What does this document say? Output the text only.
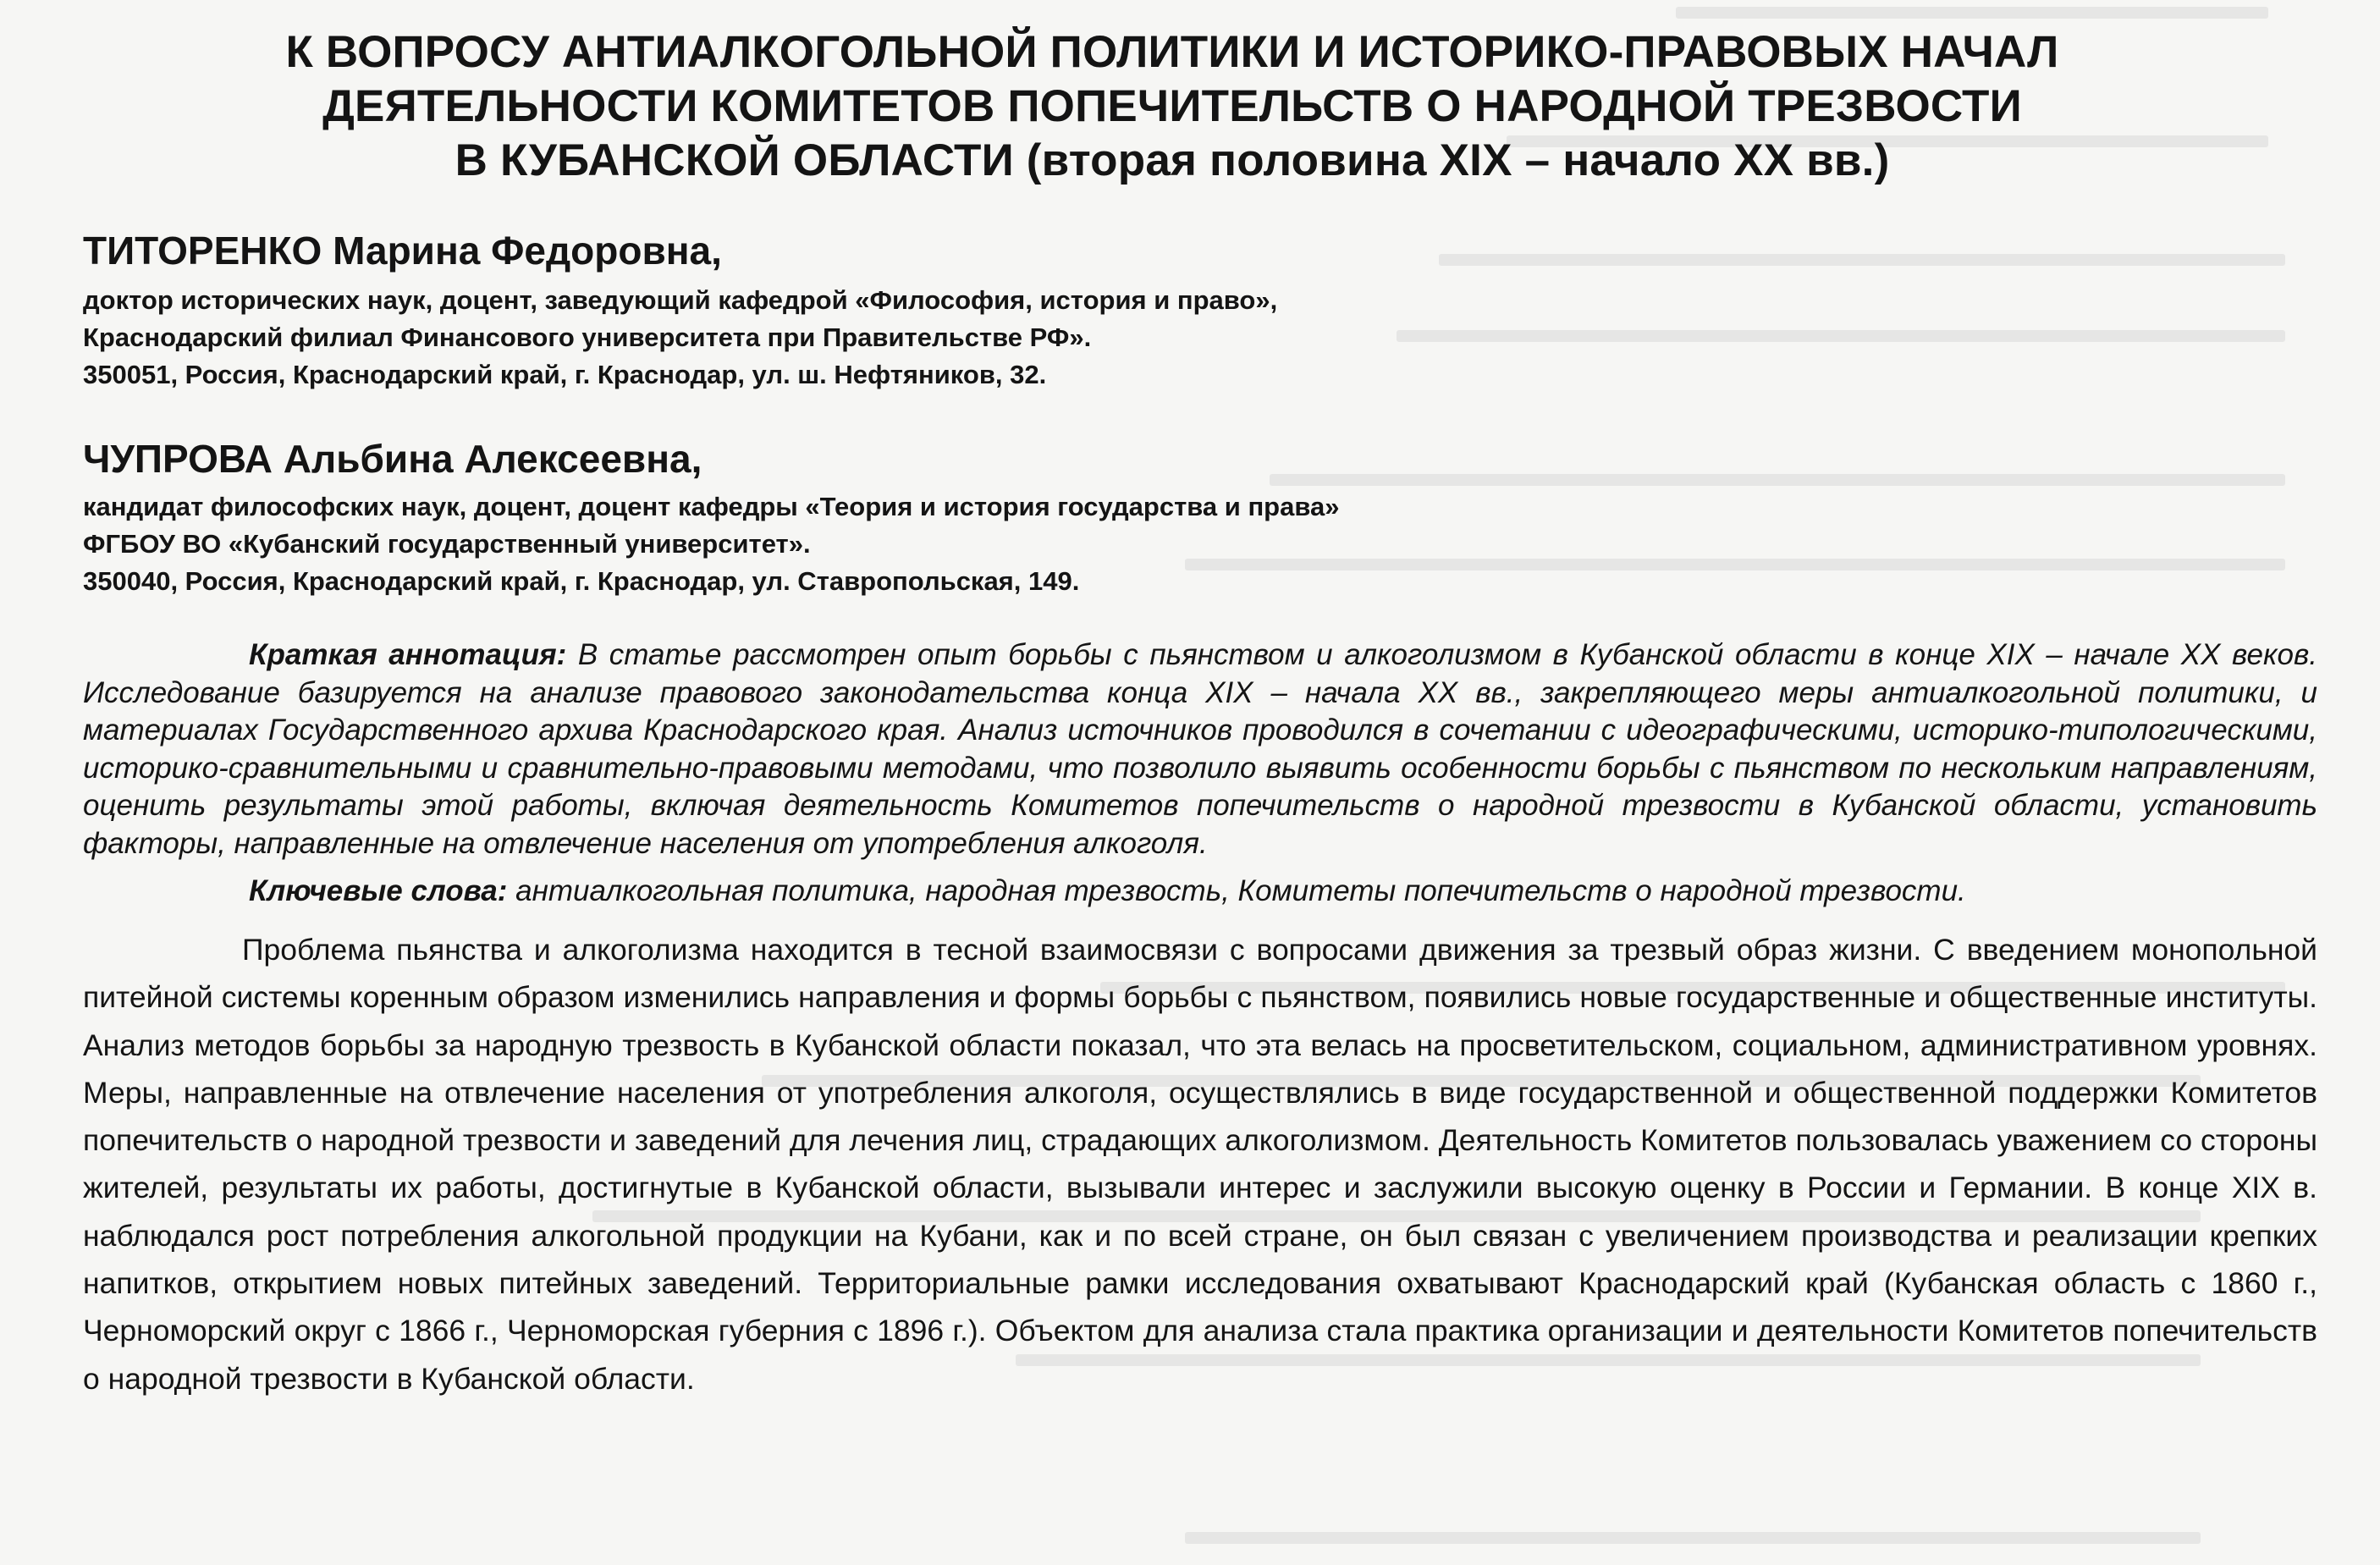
К ВОПРОСУ АНТИАЛКОГОЛЬНОЙ ПОЛИТИКИ И ИСТОРИКО-ПРАВОВЫХ НАЧАЛ
ДЕЯТЕЛЬНОСТИ КОМИТЕТОВ ПОПЕЧИТЕЛЬСТВ О НАРОДНОЙ ТРЕЗВОСТИ
В КУБАНСКОЙ ОБЛАСТИ (вторая половина XIX – начало XX вв.)
ТИТОРЕНКО Марина Федоровна,
доктор исторических наук, доцент, заведующий кафедрой «Философия, история и право»,
Краснодарский филиал Финансового университета при Правительстве РФ».
350051, Россия, Краснодарский край, г. Краснодар, ул. ш. Нефтяников, 32.
ЧУПРОВА Альбина Алексеевна,
кандидат философских наук, доцент, доцент кафедры «Теория и история государства и права»
ФГБОУ ВО «Кубанский государственный университет».
350040, Россия, Краснодарский край, г. Краснодар, ул. Ставропольская, 149.

Краткая аннотация: В статье рассмотрен опыт борьбы с пьянством и алкоголизмом в Кубанской области в конце XIX – начале XX веков. Исследование базируется на анализе правового законодательства конца XIX – начала XX вв., закрепляющего меры антиалкогольной политики, и материалах Государственного архива Краснодарского края. Анализ источников проводился в сочетании с идеографическими, историко-типологическими, историко-сравнительными и сравнительно-правовыми методами, что позволило выявить особенности борьбы с пьянством по нескольким направлениям, оценить результаты этой работы, включая деятельность Комитетов попечительств о народной трезвости в Кубанской области, установить факторы, направленные на отвлечение населения от употребления алкоголя.

Ключевые слова: антиалкогольная политика, народная трезвость, Комитеты попечительств о народной трезвости.

Проблема пьянства и алкоголизма находится в тесной взаимосвязи с вопросами движения за трезвый образ жизни. С введением монопольной питейной системы коренным образом изменились направления и формы борьбы с пьянством, появились новые государственные и общественные институты. Анализ методов борьбы за народную трезвость в Кубанской области показал, что эта велась на просветительском, социальном, административном уровнях. Меры, направленные на отвлечение населения от употребления алкоголя, осуществлялись в виде государственной и общественной поддержки Комитетов попечительств о народной трезвости и заведений для лечения лиц, страдающих алкоголизмом. Деятельность Комитетов пользовалась уважением со стороны жителей, результаты их работы, достигнутые в Кубанской области, вызывали интерес и заслужили высокую оценку в России и Германии. В конце XIX в. наблюдался рост потребления алкогольной продукции на Кубани, как и по всей стране, он был связан с увеличением производства и реализации крепких напитков, открытием новых питейных заведений. Территориальные рамки исследования охватывают Краснодарский край (Кубанская область с 1860 г., Черноморский округ с 1866 г., Черноморская губерния с 1896 г.). Объектом для анализа стала практика организации и деятельности Комитетов попечительств о народной трезвости в Кубанской области.
